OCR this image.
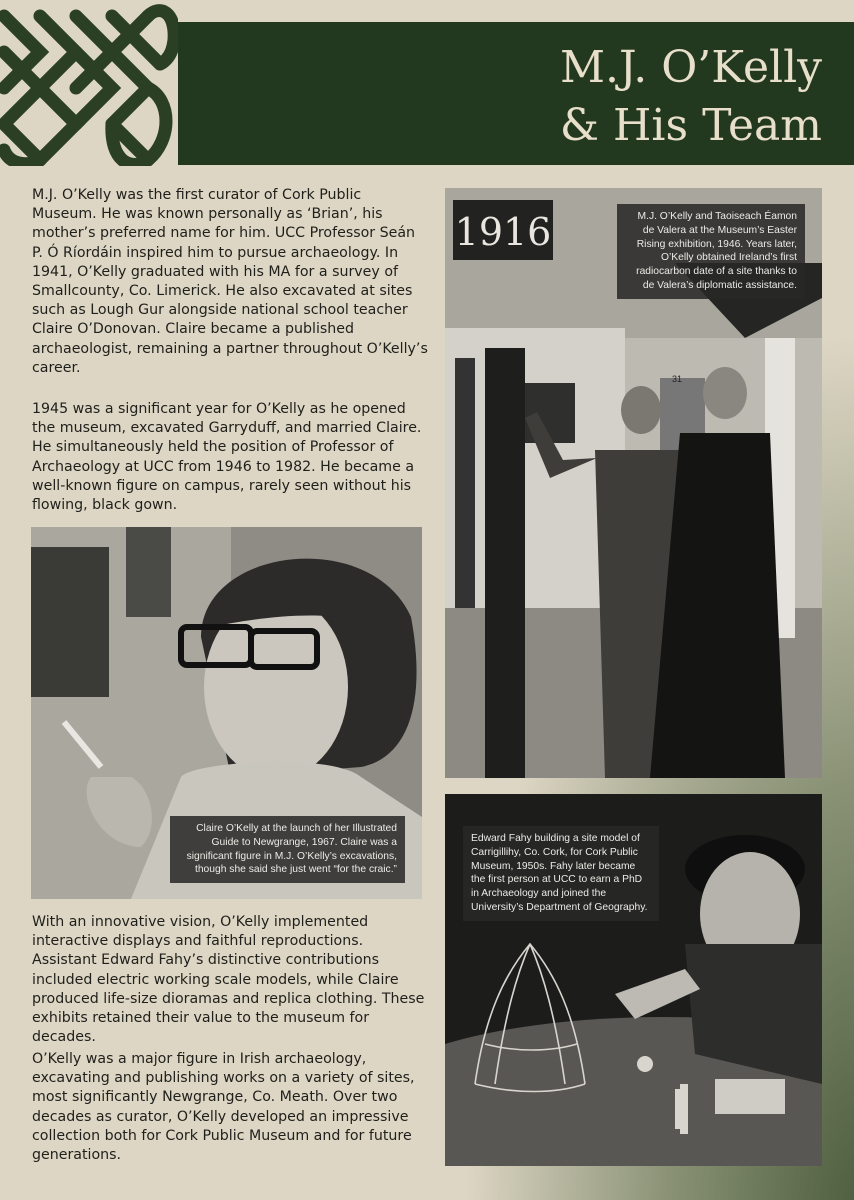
M.J. O’Kelly
& His Team

M.J. O’Kelly was the first curator of Cork Public Museum. He was known personally as ‘Brian’, his mother’s preferred name for him. UCC Professor Seán P. Ó Ríordáin inspired him to pursue archaeology. In 1941, O’Kelly graduated with his MA for a survey of Smallcounty, Co. Limerick. He also excavated at sites such as Lough Gur alongside national school teacher Claire O’Donovan. Claire became a published archaeologist, remaining a partner throughout O’Kelly’s career.

1945 was a significant year for O’Kelly as he opened the museum, excavated Garryduff, and married Claire. He simultaneously held the position of Professor of Archaeology at UCC from 1946 to 1982. He became a well-known figure on campus, rarely seen without his flowing, black gown.

With an innovative vision, O’Kelly implemented interactive displays and faithful reproductions. Assistant Edward Fahy’s distinctive contributions included electric working scale models, while Claire produced life-size dioramas and replica clothing. These exhibits retained their value to the museum for decades.

O’Kelly was a major figure in Irish archaeology, excavating and publishing works on a variety of sites, most significantly Newgrange, Co. Meath. Over two decades as curator, O’Kelly developed an impressive collection both for Cork Public Museum and for future generations.

1916
31
M.J. O’Kelly and Taoiseach Éamon de Valera at the Museum’s Easter Rising exhibition, 1946. Years later, O’Kelly obtained Ireland’s first radiocarbon date of a site thanks to de Valera’s diplomatic assistance.
Claire O’Kelly at the launch of her Illustrated Guide to Newgrange, 1967. Claire was a significant figure in M.J. O’Kelly’s excavations, though she said she just went “for the craic.”
Edward Fahy building a site model of Carrigillihy, Co. Cork, for Cork Public Museum, 1950s. Fahy later became the first person at UCC to earn a PhD in Archaeology and joined the University’s Department of Geography.
